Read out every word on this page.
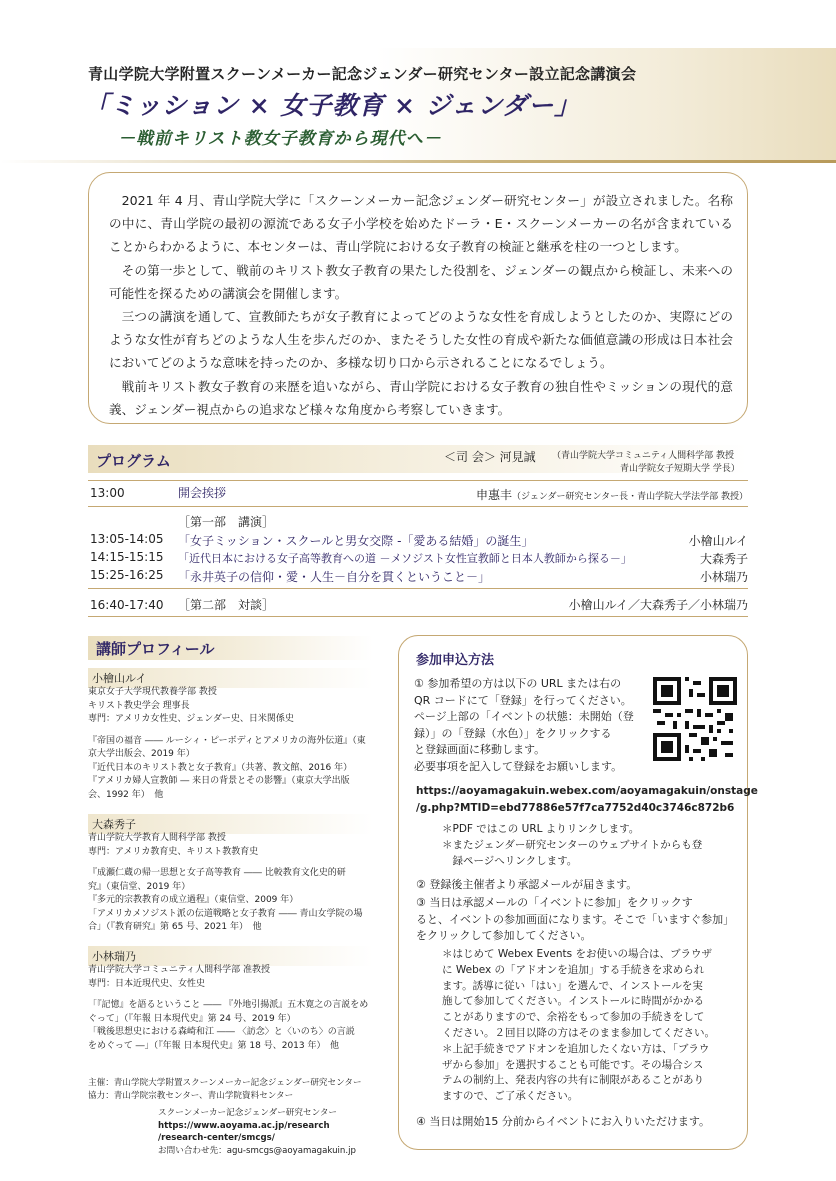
青山学院大学附置スクーンメーカー記念ジェンダー研究センター設立記念講演会
「ミッション × 女子教育 × ジェンダー」
－戦前キリスト教女子教育から現代へ－

2021 年 4 月、青山学院大学に「スクーンメーカー記念ジェンダー研究センター」が設立されました。名称の中に、青山学院の最初の源流である女子小学校を始めたドーラ・E・スクーンメーカーの名が含まれていることからわかるように、本センターは、青山学院における女子教育の検証と継承を柱の一つとします。

その第一歩として、戦前のキリスト教女子教育の果たした役割を、ジェンダーの観点から検証し、未来への可能性を探るための講演会を開催します。

三つの講演を通して、宣教師たちが女子教育によってどのような女性を育成しようとしたのか、実際にどのような女性が育ちどのような人生を歩んだのか、またそうした女性の育成や新たな価値意識の形成は日本社会においてどのような意味を持ったのか、多様な切り口から示されることになるでしょう。

戦前キリスト教女子教育の来歴を追いながら、青山学院における女子教育の独自性やミッションの現代的意義、ジェンダー視点からの追求など様々な角度から考察していきます。

プログラム	＜司 会＞ 河見誠 （青山学院大学コミュニティ人間科学部 教授
青山学院女子短期大学 学長）
13:00	開会挨拶	申惠丰（ジェンダー研究センター長・青山学院大学法学部 教授）
［第一部　講演］
13:05-14:05 「女子ミッション・スクールと男女交際 -「愛ある結婚」の誕生」	小檜山ルイ
14:15-15:15 「近代日本における女子高等教育への道 －メソジスト女性宣教師と日本人教師から探る－」	大森秀子
15:25-16:25 「永井英子の信仰・愛・人生－自分を貫くということ－」	小林瑞乃
16:40-17:40 ［第二部　対談］	小檜山ルイ／大森秀子／小林瑞乃
講師プロフィール
小檜山ルイ
東京女子大学現代教養学部 教授
キリスト教史学会 理事長
専門：アメリカ女性史、ジェンダー史、日米関係史
『帝国の福音 ―― ルーシィ・ピーボディとアメリカの海外伝道』（東
京大学出版会、2019 年）
『近代日本のキリスト教と女子教育』（共著、教文館、2016 年）
『アメリカ婦人宣教師 ― 来日の背景とその影響』（東京大学出版
会、1992 年）　他
大森秀子
青山学院大学教育人間科学部 教授
専門：アメリカ教育史、キリスト教教育史
『成瀬仁蔵の帰一思想と女子高等教育 ―― 比較教育文化史的研
究』（東信堂、2019 年）
『多元的宗教教育の成立過程』（東信堂、2009 年）
「アメリカメソジスト派の伝道戦略と女子教育 ―― 青山女学院の場
合」（『教育研究』第 65 号、2021 年）　他
小林瑞乃
青山学院大学コミュニティ人間科学部 准教授
専門：日本近現代史、女性史
「『記憶』を語るということ ―― 『外地引揚派』五木寛之の言説をめ
ぐって」（『年報 日本現代史』第 24 号、2019 年）
「戦後思想史における森崎和江 ―― 〈訪念〉と〈いのち〉の言説
をめぐって ―」（『年報 日本現代史』第 18 号、2013 年）　他
主催：青山学院大学附置スクーンメーカー記念ジェンダー研究センター
協力：青山学院宗教センター、青山学院資料センター
スクーンメーカー記念ジェンダー研究センター
https://www.aoyama.ac.jp/research
/research-center/smcgs/
お問い合わせ先：agu-smcgs@aoyamagakuin.jp
参加申込方法
① 参加希望の方は以下の URL または右の
QR コードにて「登録」を行ってください。
ページ上部の「イベントの状態：未開始（登
録）」の「登録（水色）」をクリックする
と登録画面に移動します。
必要事項を記入して登録をお願いします。
https://aoyamagakuin.webex.com/aoyamagakuin/onstage
/g.php?MTID=ebd77886e57f7ca7752d40c3746c872b6
＊PDF ではこの URL よりリンクします。
＊またジェンダー研究センターのウェブサイトからも登
　録ページへリンクします。
② 登録後主催者より承認メールが届きます。
③ 当日は承認メールの「イベントに参加」をクリックす
ると、イベントの参加画面になります。そこで「いますぐ参加」
をクリックして参加してください。
＊はじめて Webex Events をお使いの場合は、ブラウザ
に Webex の「アドオンを追加」する手続きを求められ
ます。誘導に従い「はい」を選んで、インストールを実
施して参加してください。インストールに時間がかかる
ことがありますので、余裕をもって参加の手続きをして
ください。２回目以降の方はそのまま参加してください。
＊上記手続きでアドオンを追加したくない方は、「ブラウ
ザから参加」を選択することも可能です。その場合シス
テムの制約上、発表内容の共有に制限があることがあり
ますので、ご了承ください。
④ 当日は開始15 分前からイベントにお入りいただけます。
